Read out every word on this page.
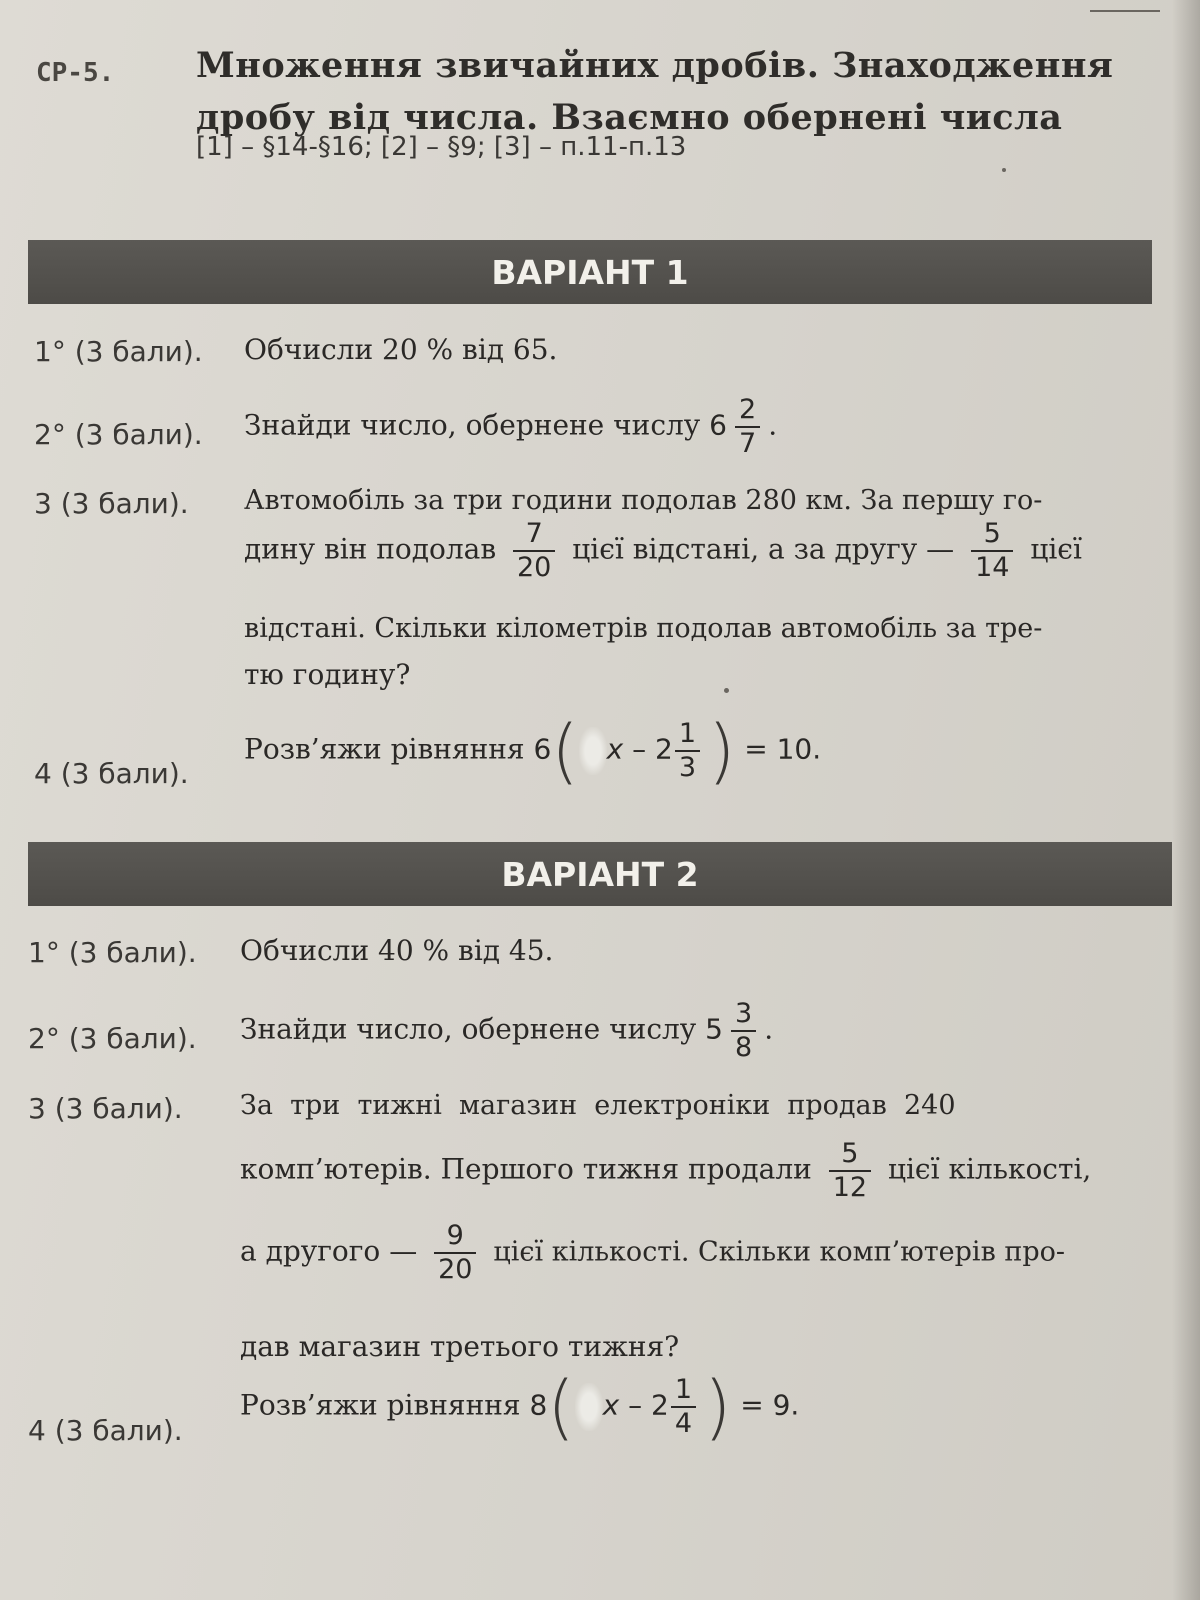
СР-5. Множення звичайних дробів. Знаходження дробу від числа. Взаємно обернені числа
[1] – §14-§16; [2] – §9; [3] – п.11-п.13
ВАРІАНТ 1
1° (3 бали). Обчисли 20 % від 65.
2° (3 бали). Знайди число, обернене числу $6 \frac{2}{7}$ .
3 (3 бали). Автомобіль за три години подолав 280 км. За першу го-
дину він подолав $\frac{7}{20}$ цієї відстані, а за другу — $\frac{5}{14}$ цієї
відстані. Скільки кілометрів подолав автомобіль за тре-
тю годину?
4 (3 бали).
Розв’яжи рівняння 6( x – $2 \frac{1}{3}$ ) = 10.
ВАРІАНТ 2
1° (3 бали). Обчисли 40 % від 45.
2° (3 бали). Знайди число, обернене числу $5 \frac{3}{8}$ .
3 (3 бали). За  три  тижні  магазин  електроніки  продав  240
комп’ютерів. Першого тижня продали $\frac{5}{12}$ цієї кількості,
а другого — $\frac{9}{20}$ цієї кількості. Скільки комп’ютерів про-
дав магазин третього тижня?
4 (3 бали).
Розв’яжи рівняння 8( x – $2 \frac{1}{4}$ ) = 9.
